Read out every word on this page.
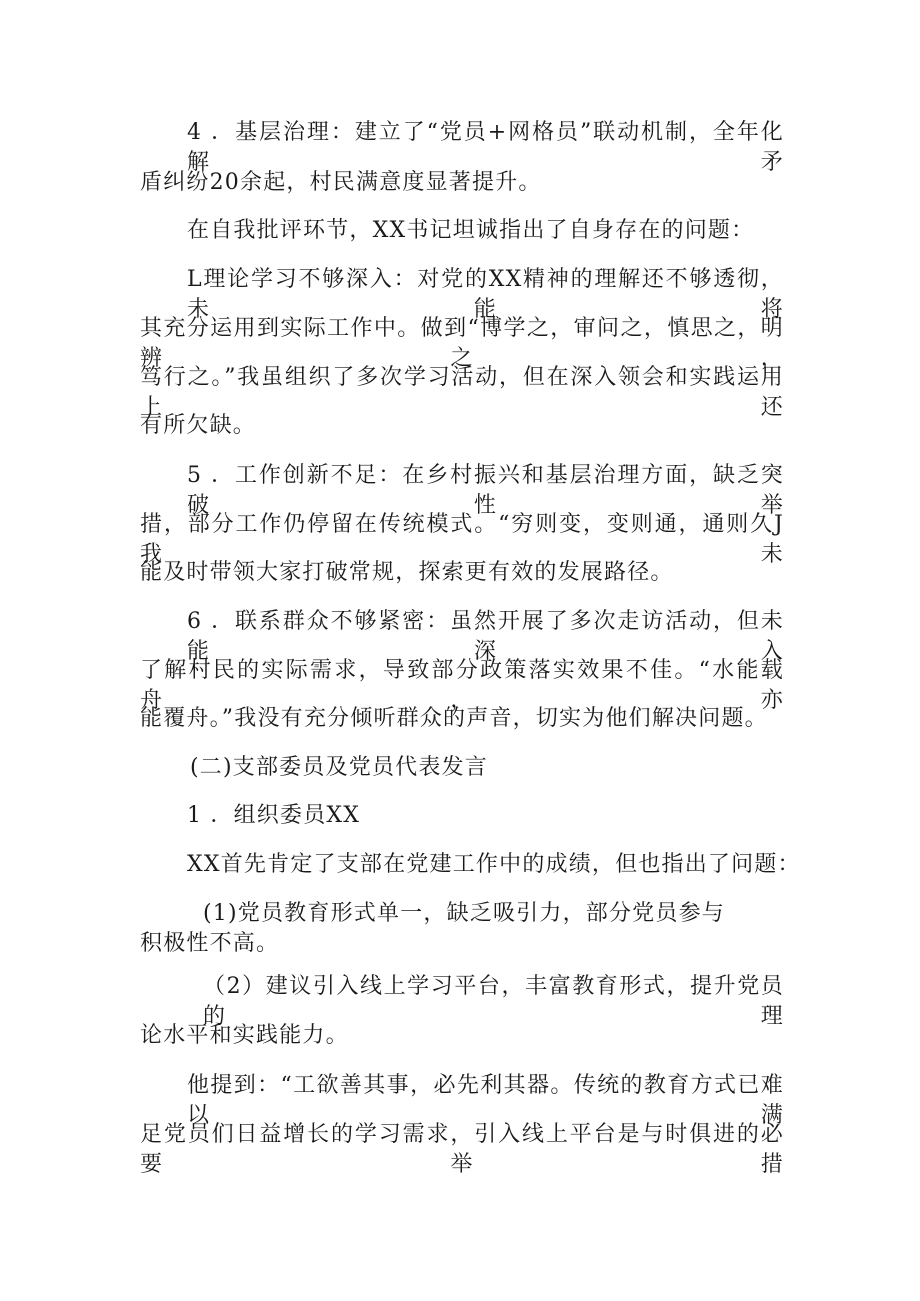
4 ．基层治理：建立了“党员+网格员”联动机制，全年化解矛
盾纠纷20余起，村民满意度显著提升。
在自我批评环节，XX书记坦诚指出了自身存在的问题：
L理论学习不够深入：对党的XX精神的理解还不够透彻，未能将
其充分运用到实际工作中。做到“博学之，审问之，慎思之，明辨之，
笃行之。”我虽组织了多次学习活动，但在深入领会和实践运用上还
有所欠缺。
5 ．工作创新不足：在乡村振兴和基层治理方面，缺乏突破性举
措，部分工作仍停留在传统模式。“穷则变，变则通，通则久J我未
能及时带领大家打破常规，探索更有效的发展路径。
6 ．联系群众不够紧密：虽然开展了多次走访活动，但未能深入
了解村民的实际需求，导致部分政策落实效果不佳。“水能载舟，亦
能覆舟。”我没有充分倾听群众的声音，切实为他们解决问题。
(二)支部委员及党员代表发言
1 ．组织委员XX
XX首先肯定了支部在党建工作中的成绩，但也指出了问题：
(1)党员教育形式单一，缺乏吸引力，部分党员参与
积极性不高。
（2）建议引入线上学习平台，丰富教育形式，提升党员的理
论水平和实践能力。
他提到：“工欲善其事，必先利其器。传统的教育方式已难以满
足党员们日益增长的学习需求，引入线上平台是与时俱进的必要举措
